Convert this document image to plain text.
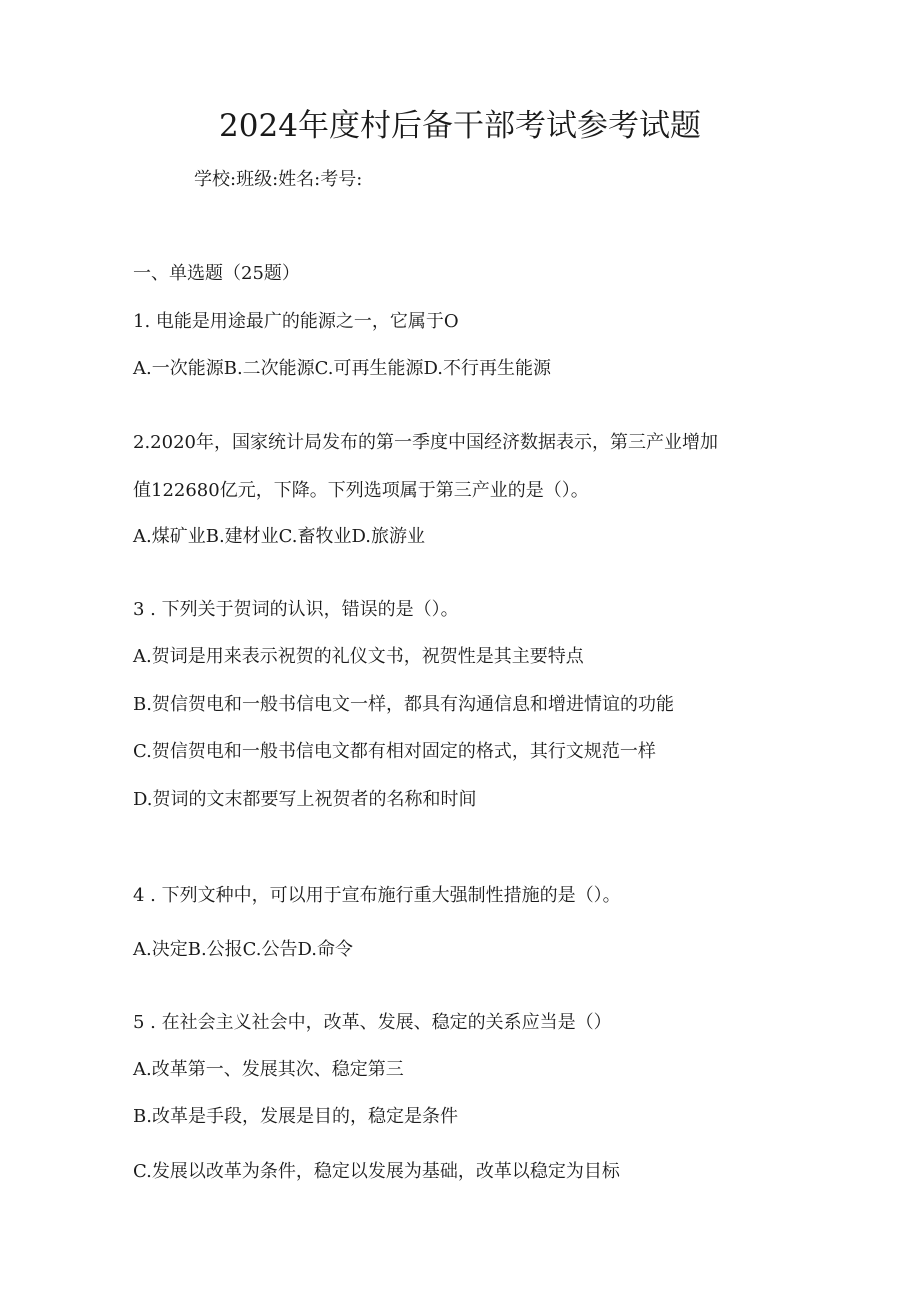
2024年度村后备干部考试参考试题

学校:班级:姓名:考号:

一、单选题（25题）

1. 电能是用途最广的能源之一，它属于O

A.一次能源B.二次能源C.可再生能源D.不行再生能源

2.2020年，国家统计局发布的第一季度中国经济数据表示，第三产业增加

值122680亿元，下降。下列选项属于第三产业的是（）。

A.煤矿业B.建材业C.畜牧业D.旅游业

3 . 下列关于贺词的认识，错误的是（）。

A.贺词是用来表示祝贺的礼仪文书，祝贺性是其主要特点

B.贺信贺电和一般书信电文一样，都具有沟通信息和增进情谊的功能

C.贺信贺电和一般书信电文都有相对固定的格式，其行文规范一样

D.贺词的文末都要写上祝贺者的名称和时间

4 . 下列文种中，可以用于宣布施行重大强制性措施的是（）。

A.决定B.公报C.公告D.命令

5 . 在社会主义社会中，改革、发展、稳定的关系应当是（）

A.改革第一、发展其次、稳定第三

B.改革是手段，发展是目的，稳定是条件

C.发展以改革为条件，稳定以发展为基础，改革以稳定为目标
